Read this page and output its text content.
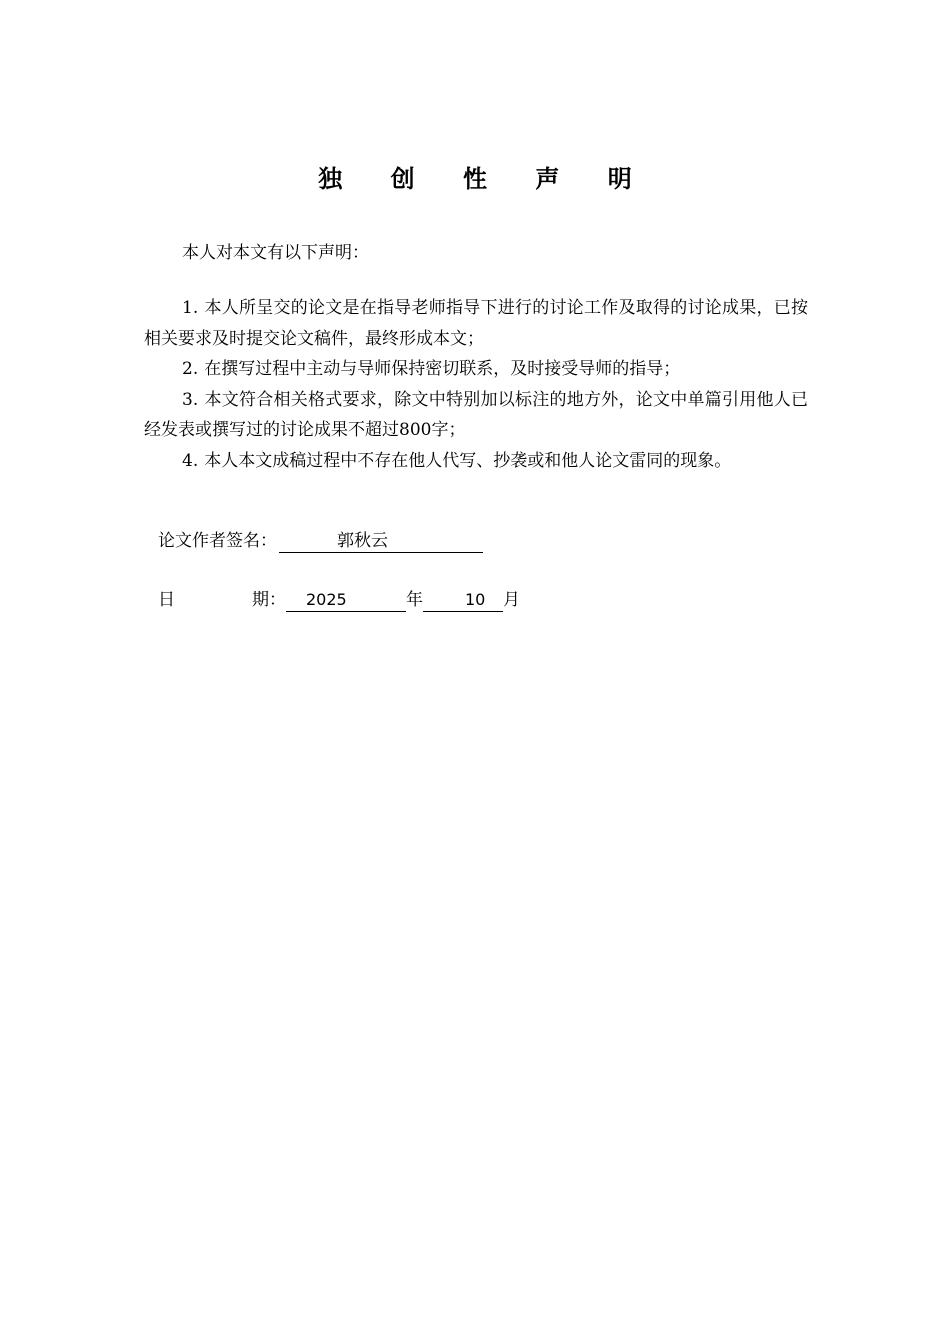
独 创 性 声 明
本人对本文有以下声明：

1. 本人所呈交的论文是在指导老师指导下进行的讨论工作及取得的讨论成果，已按相关要求及时提交论文稿件，最终形成本文；

2. 在撰写过程中主动与导师保持密切联系，及时接受导师的指导；

3. 本文符合相关格式要求，除文中特别加以标注的地方外，论文中单篇引用他人已经发表或撰写过的讨论成果不超过800字；

4. 本人本文成稿过程中不存在他人代写、抄袭或和他人论文雷同的现象。

论文作者签名：	郭秋云
日	期：	2025	年	10	月
